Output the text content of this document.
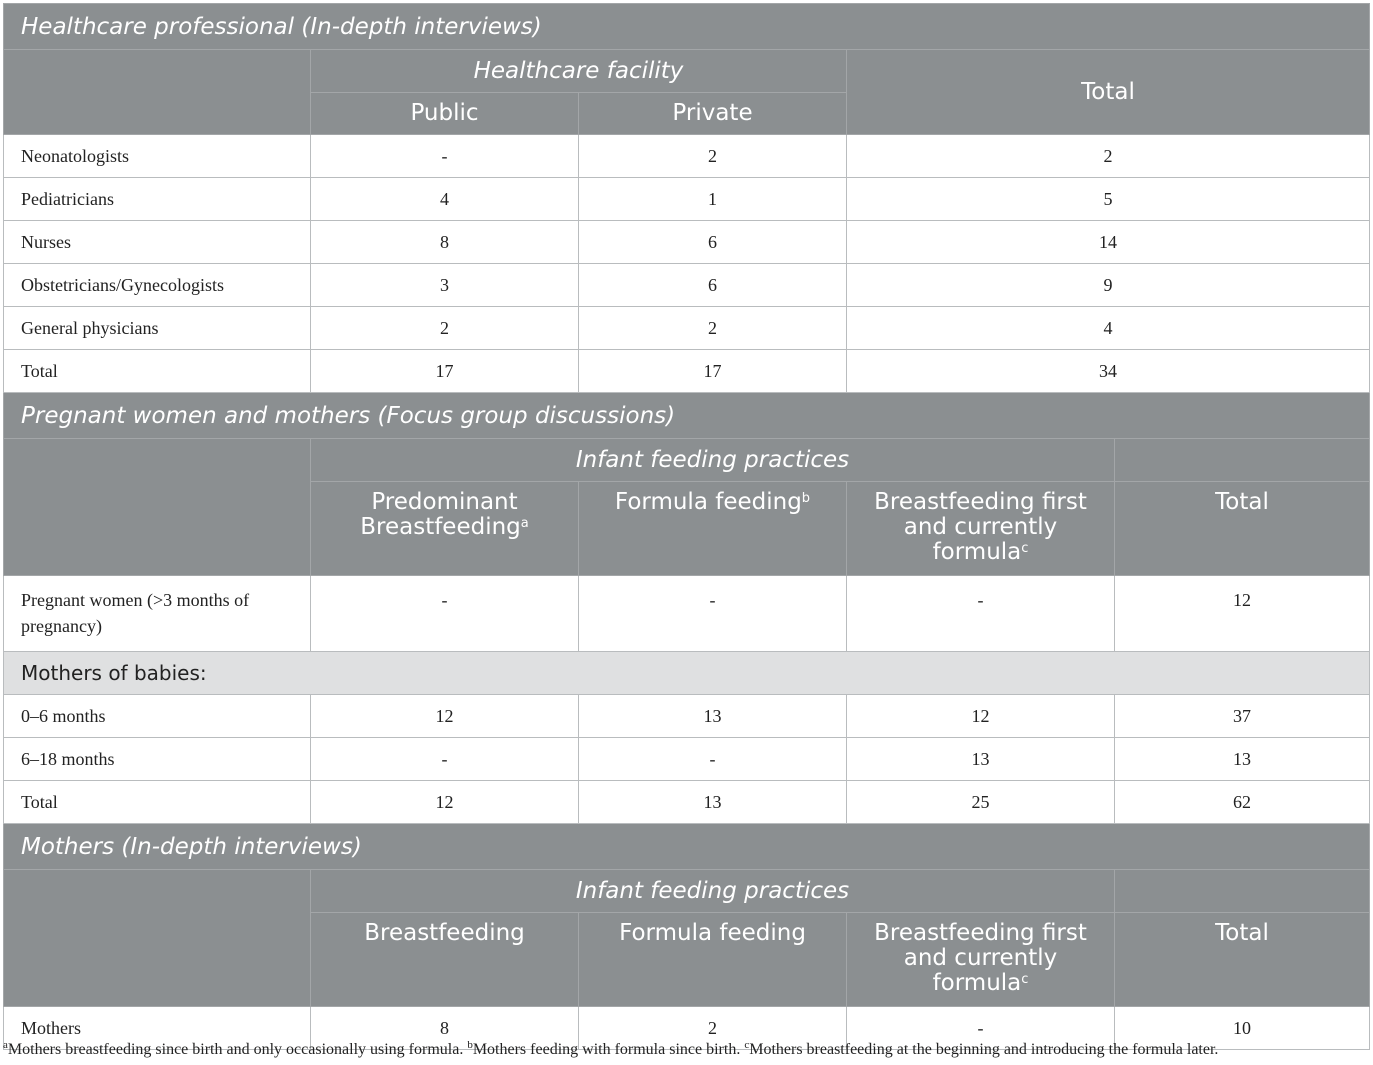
Healthcare professional (In-depth interviews)				
	Healthcare facility		Total	
	Public	Private		
Neonatologists	-	2	2	
Pediatricians	4	1	5	
Nurses	8	6	14	
Obstetricians/Gynecologists	3	6	9	
General physicians	2	2	4	
Total	17	17	34	
Pregnant women and mothers (Focus group discussions)				
	Infant feeding practices			
	Predominant Breastfeeding$^a$	Formula feeding$^b$	Breastfeeding first and currently formula$^c$	Total
Pregnant women (>3 months of pregnancy)	-	-	-	12
Mothers of babies:				
0–6 months	12	13	12	37
6–18 months	-	-	13	13
Total	12	13	25	62
Mothers (In-depth interviews)				
	Infant feeding practices			
	Breastfeeding	Formula feeding	Breastfeeding first and currently formula$^c$	Total
Mothers	8	2	-	10
$^a$Mothers breastfeeding since birth and only occasionally using formula. $^b$Mothers feeding with formula since birth. $^c$Mothers breastfeeding at the beginning and introducing the formula later.
